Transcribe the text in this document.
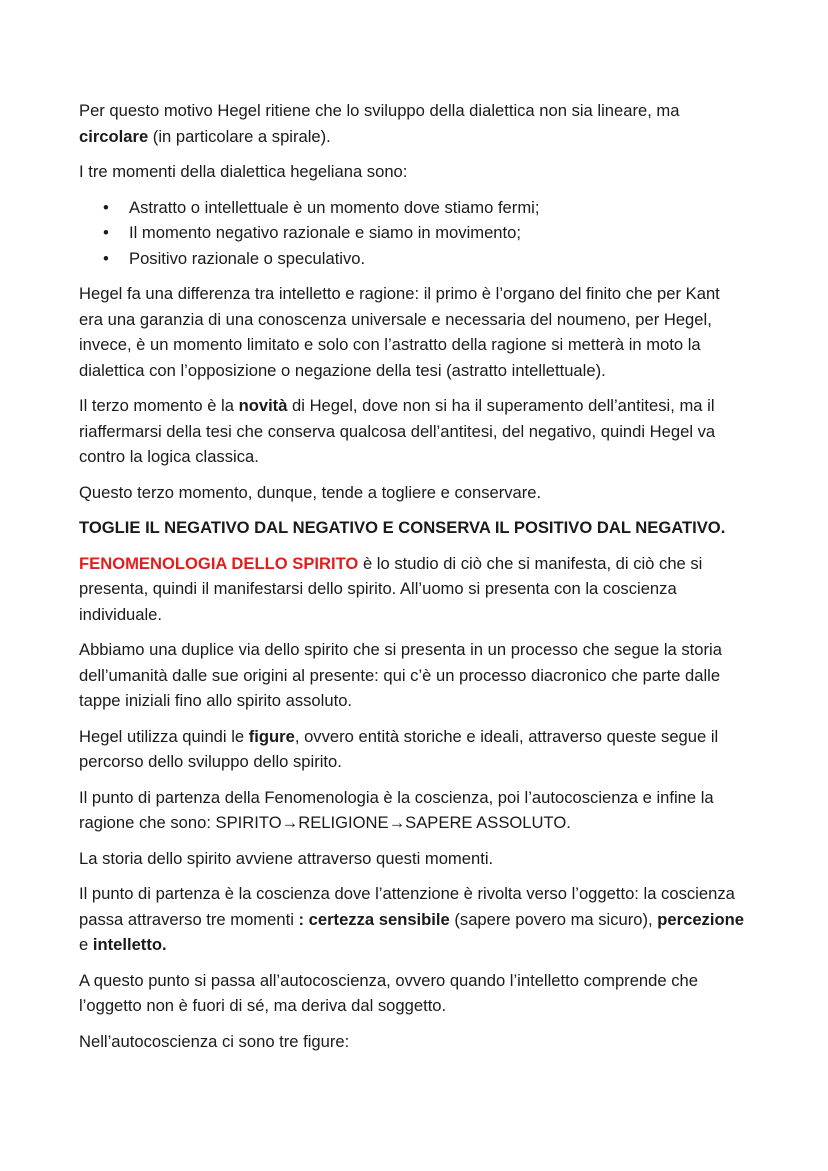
Per questo motivo Hegel ritiene che lo sviluppo della dialettica non sia lineare, ma circolare (in particolare a spirale).

I tre momenti della dialettica hegeliana sono:

• Astratto o intellettuale è un momento dove stiamo fermi;
• Il momento negativo razionale e siamo in movimento;
• Positivo razionale o speculativo.

Hegel fa una differenza tra intelletto e ragione: il primo è l’organo del finito che per Kant era una garanzia di una conoscenza universale e necessaria del noumeno, per Hegel, invece, è un momento limitato e solo con l’astratto della ragione si metterà in moto la dialettica con l’opposizione o negazione della tesi (astratto intellettuale).

Il terzo momento è la novità di Hegel, dove non si ha il superamento dell’antitesi, ma il riaffermarsi della tesi che conserva qualcosa dell’antitesi, del negativo, quindi Hegel va contro la logica classica.

Questo terzo momento, dunque, tende a togliere e conservare.

TOGLIE IL NEGATIVO DAL NEGATIVO E CONSERVA IL POSITIVO DAL NEGATIVO.

FENOMENOLOGIA DELLO SPIRITO è lo studio di ciò che si manifesta, di ciò che si presenta, quindi il manifestarsi dello spirito. All’uomo si presenta con la coscienza individuale.

Abbiamo una duplice via dello spirito che si presenta in un processo che segue la storia dell’umanità dalle sue origini al presente: qui c’è un processo diacronico che parte dalle tappe iniziali fino allo spirito assoluto.

Hegel utilizza quindi le figure, ovvero entità storiche e ideali, attraverso queste segue il percorso dello sviluppo dello spirito.

Il punto di partenza della Fenomenologia è la coscienza, poi l’autocoscienza e infine la ragione che sono: SPIRITO→RELIGIONE→SAPERE ASSOLUTO.

La storia dello spirito avviene attraverso questi momenti.

Il punto di partenza è la coscienza dove l’attenzione è rivolta verso l’oggetto: la coscienza passa attraverso tre momenti : certezza sensibile (sapere povero ma sicuro), percezione e intelletto.

A questo punto si passa all’autocoscienza, ovvero quando l’intelletto comprende che l’oggetto non è fuori di sé, ma deriva dal soggetto.

Nell’autocoscienza ci sono tre figure:
